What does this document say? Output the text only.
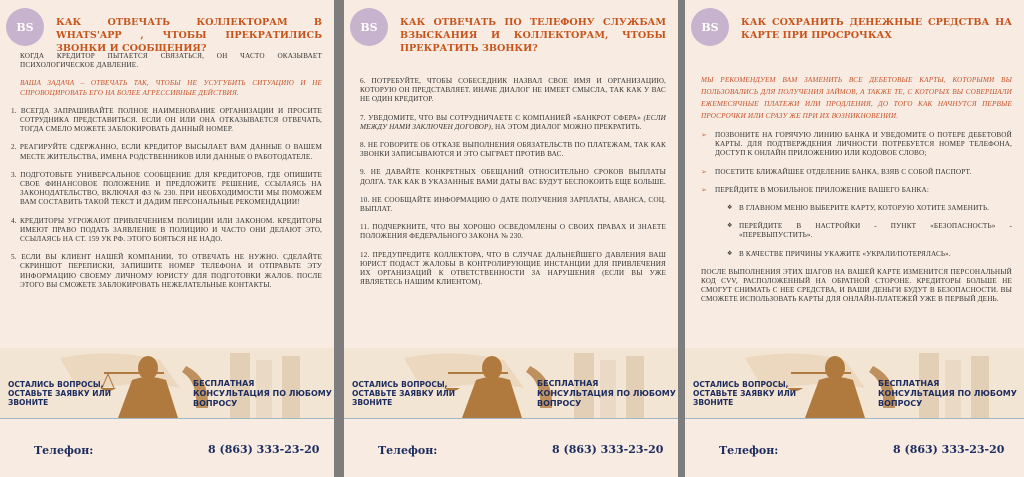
BS	КАК ОТВЕЧАТЬ КОЛЛЕКТОРАМ В WHATS'APP , ЧТОБЫ ПРЕКРАТИЛИСЬ ЗВОНКИ И СООБЩЕНИЯ?

КОГДА КРЕДИТОР ПЫТАЕТСЯ СВЯЗАТЬСЯ, ОН ЧАСТО ОКАЗЫВАЕТ ПСИХОЛОГИЧЕСКОЕ ДАВЛЕНИЕ.

ВАША ЗАДАЧА – ОТВЕЧАТЬ ТАК, ЧТОБЫ НЕ УСУГУБИТЬ СИТУАЦИЮ И НЕ СПРОВОЦИРОВАТЬ ЕГО НА БОЛЕЕ АГРЕССИВНЫЕ ДЕЙСТВИЯ.

1. ВСЕГДА ЗАПРАШИВАЙТЕ ПОЛНОЕ НАИМЕНОВАНИЕ ОРГАНИЗАЦИИ И ПРОСИТЕ СОТРУДНИКА ПРЕДСТАВИТЬСЯ. ЕСЛИ ОН ИЛИ ОНА ОТКАЗЫВАЕТСЯ ОТВЕЧАТЬ, ТОГДА СМЕЛО МОЖЕТЕ ЗАБЛОКИРОВАТЬ ДАННЫЙ НОМЕР.

2. РЕАГИРУЙТЕ СДЕРЖАННО, ЕСЛИ КРЕДИТОР ВЫСЫЛАЕТ ВАМ ДАННЫЕ О ВАШЕМ МЕСТЕ ЖИТЕЛЬСТВА, ИМЕНА РОДСТВЕННИКОВ ИЛИ ДАННЫЕ О РАБОТОДАТЕЛЕ.

3. ПОДГОТОВЬТЕ УНИВЕРСАЛЬНОЕ СООБЩЕНИЕ ДЛЯ КРЕДИТОРОВ, ГДЕ ОПИШИТЕ СВОЕ ФИНАНСОВОЕ ПОЛОЖЕНИЕ И ПРЕДЛОЖИТЕ РЕШЕНИЕ, ССЫЛАЯСЬ НА ЗАКОНОДАТЕЛЬСТВО, ВКЛЮЧАЯ ФЗ № 230. ПРИ НЕОБХОДИМОСТИ МЫ ПОМОЖЕМ ВАМ СОСТАВИТЬ ТАКОЙ ТЕКСТ И ДАДИМ ПЕРСОНАЛЬНЫЕ РЕКОМЕНДАЦИИ!

4. КРЕДИТОРЫ УГРОЖАЮТ ПРИВЛЕЧЕНИЕМ ПОЛИЦИИ ИЛИ ЗАКОНОМ. КРЕДИТОРЫ ИМЕЮТ ПРАВО ПОДАТЬ ЗАЯВЛЕНИЕ В ПОЛИЦИЮ И ЧАСТО ОНИ ДЕЛАЮТ ЭТО, ССЫЛАЯСЬ НА СТ. 159 УК РФ. ЭТОГО БОЯТЬСЯ НЕ НАДО.

5. ЕСЛИ ВЫ КЛИЕНТ НАШЕЙ КОМПАНИИ, ТО ОТВЕЧАТЬ НЕ НУЖНО. СДЕЛАЙТЕ СКРИНШОТ ПЕРЕПИСКИ, ЗАПИШИТЕ НОМЕР ТЕЛЕФОНА И ОТПРАВЬТЕ ЭТУ ИНФОРМАЦИЮ СВОЕМУ ЛИЧНОМУ ЮРИСТУ ДЛЯ ПОДГОТОВКИ ЖАЛОБ. ПОСЛЕ ЭТОГО ВЫ СМОЖЕТЕ ЗАБЛОКИРОВАТЬ НЕЖЕЛАТЕЛЬНЫЕ КОНТАКТЫ.

ОСТАЛИСЬ ВОПРОСЫ, ОСТАВЬТЕ ЗАЯВКУ ИЛИ ЗВОНИТЕ
БЕСПЛАТНАЯ КОНСУЛЬТАЦИЯ ПО ЛЮБОМУ ВОПРОСУ
Телефон:	8 (863) 333-23-20
BS	КАК ОТВЕЧАТЬ ПО ТЕЛЕФОНУ СЛУЖБАМ ВЗЫСКАНИЯ И КОЛЛЕКТОРАМ, ЧТОБЫ ПРЕКРАТИТЬ ЗВОНКИ?

6. ПОТРЕБУЙТЕ, ЧТОБЫ СОБЕСЕДНИК НАЗВАЛ СВОЕ ИМЯ И ОРГАНИЗАЦИЮ, КОТОРУЮ ОН ПРЕДСТАВЛЯЕТ. ИНАЧЕ ДИАЛОГ НЕ ИМЕЕТ СМЫСЛА, ТАК КАК У ВАС НЕ ОДИН КРЕДИТОР.

7. УВЕДОМИТЕ, ЧТО ВЫ СОТРУДНИЧАЕТЕ С КОМПАНИЕЙ «БАНКРОТ СФЕРА» (ЕСЛИ МЕЖДУ НАМИ ЗАКЛЮЧЕН ДОГОВОР), НА ЭТОМ ДИАЛОГ МОЖНО ПРЕКРАТИТЬ.

8. НЕ ГОВОРИТЕ ОБ ОТКАЗЕ ВЫПОЛНЕНИЯ ОБЯЗАТЕЛЬСТВ ПО ПЛАТЕЖАМ, ТАК КАК ЗВОНКИ ЗАПИСЫВАЮТСЯ И ЭТО СЫГРАЕТ ПРОТИВ ВАС.

9. НЕ ДАВАЙТЕ КОНКРЕТНЫХ ОБЕЩАНИЙ ОТНОСИТЕЛЬНО СРОКОВ ВЫПЛАТЫ ДОЛГА. ТАК КАК В УКАЗАННЫЕ ВАМИ ДАТЫ ВАС БУДУТ БЕСПОКОИТЬ ЕЩЕ БОЛЬШЕ.

10. НЕ СООБЩАЙТЕ ИНФОРМАЦИЮ О ДАТЕ ПОЛУЧЕНИЯ ЗАРПЛАТЫ, АВАНСА, СОЦ. ВЫПЛАТ.

11. ПОДЧЕРКНИТЕ, ЧТО ВЫ ХОРОШО ОСВЕДОМЛЕНЫ О СВОИХ ПРАВАХ И ЗНАЕТЕ ПОЛОЖЕНИЯ ФЕДЕРАЛЬНОГО ЗАКОНА № 230.

12. ПРЕДУПРЕДИТЕ КОЛЛЕКТОРА, ЧТО В СЛУЧАЕ ДАЛЬНЕЙШЕГО ДАВЛЕНИЯ ВАШ ЮРИСТ ПОДАСТ ЖАЛОБЫ В КОНТРОЛИРУЮЩИЕ ИНСТАНЦИИ ДЛЯ ПРИВЛЕЧЕНИЯ ИХ ОРГАНИЗАЦИЙ К ОТВЕТСТВЕННОСТИ ЗА НАРУШЕНИЯ (ЕСЛИ ВЫ УЖЕ ЯВЛЯЕТЕСЬ НАШИМ КЛИЕНТОМ).

ОСТАЛИСЬ ВОПРОСЫ, ОСТАВЬТЕ ЗАЯВКУ ИЛИ ЗВОНИТЕ
БЕСПЛАТНАЯ КОНСУЛЬТАЦИЯ ПО ЛЮБОМУ ВОПРОСУ
Телефон:	8 (863) 333-23-20
BS	КАК СОХРАНИТЬ ДЕНЕЖНЫЕ СРЕДСТВА НА КАРТЕ ПРИ ПРОСРОЧКАХ

МЫ РЕКОМЕНДУЕМ ВАМ ЗАМЕНИТЬ ВСЕ ДЕБЕТОВЫЕ КАРТЫ, КОТОРЫМИ ВЫ ПОЛЬЗОВАЛИСЬ ДЛЯ ПОЛУЧЕНИЯ ЗАЙМОВ, А ТАКЖЕ ТЕ, С КОТОРЫХ ВЫ СОВЕРШАЛИ ЕЖЕМЕСЯЧНЫЕ ПЛАТЕЖИ ИЛИ ПРОДЛЕНИЯ, ДО ТОГО КАК НАЧНУТСЯ ПЕРВЫЕ ПРОСРОЧКИ ИЛИ СРАЗУ ЖЕ ПРИ ИХ ВОЗНИКНОВЕНИИ.

➢ ПОЗВОНИТЕ НА ГОРЯЧУЮ ЛИНИЮ БАНКА И УВЕДОМИТЕ О ПОТЕРЕ ДЕБЕТОВОЙ КАРТЫ. ДЛЯ ПОДТВЕРЖДЕНИЯ ЛИЧНОСТИ ПОТРЕБУЕТСЯ НОМЕР ТЕЛЕФОНА, ДОСТУП К ОНЛАЙН ПРИЛОЖЕНИЮ ИЛИ КОДОВОЕ СЛОВО;

➢ ПОСЕТИТЕ БЛИЖАЙШЕЕ ОТДЕЛЕНИЕ БАНКА, ВЗЯВ С СОБОЙ ПАСПОРТ.

➢ ПЕРЕЙДИТЕ В МОБИЛЬНОЕ ПРИЛОЖЕНИЕ ВАШЕГО БАНКА:

❖ В ГЛАВНОМ МЕНЮ ВЫБЕРИТЕ КАРТУ, КОТОРУЮ ХОТИТЕ ЗАМЕНИТЬ.

❖ ПЕРЕЙДИТЕ В НАСТРОЙКИ - ПУНКТ «БЕЗОПАСНОСТЬ» - «ПЕРЕВЫПУСТИТЬ».

❖ В КАЧЕСТВЕ ПРИЧИНЫ УКАЖИТЕ «УКРАЛИ/ПОТЕРЯЛАСЬ».

ПОСЛЕ ВЫПОЛНЕНИЯ ЭТИХ ШАГОВ НА ВАШЕЙ КАРТЕ ИЗМЕНИТСЯ ПЕРСОНАЛЬНЫЙ КОД CVV, РАСПОЛОЖЕННЫЙ НА ОБРАТНОЙ СТОРОНЕ. КРЕДИТОРЫ БОЛЬШЕ НЕ СМОГУТ СНИМАТЬ С НЕЕ СРЕДСТВА, И ВАШИ ДЕНЬГИ БУДУТ В БЕЗОПАСНОСТИ. ВЫ СМОЖЕТЕ ИСПОЛЬЗОВАТЬ КАРТЫ ДЛЯ ОНЛАЙН-ПЛАТЕЖЕЙ УЖЕ В ПЕРВЫЙ ДЕНЬ.

ОСТАЛИСЬ ВОПРОСЫ, ОСТАВЬТЕ ЗАЯВКУ ИЛИ ЗВОНИТЕ
БЕСПЛАТНАЯ КОНСУЛЬТАЦИЯ ПО ЛЮБОМУ ВОПРОСУ
Телефон:	8 (863) 333-23-20
